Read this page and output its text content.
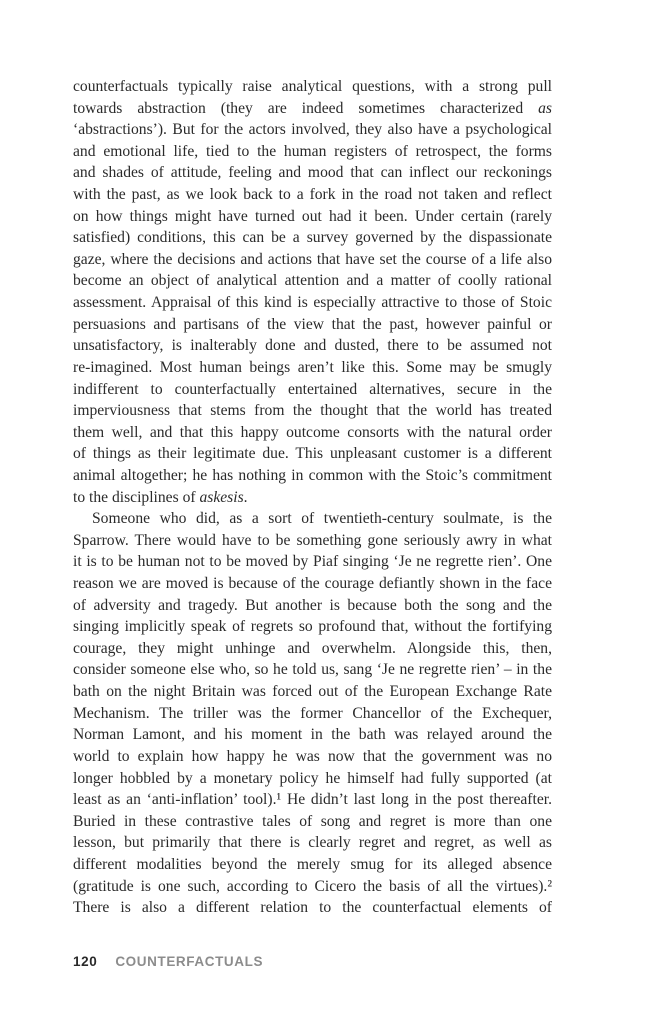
counterfactuals typically raise analytical questions, with a strong pull
towards abstraction (they are indeed sometimes characterized as
‘abstractions’). But for the actors involved, they also have a psychological
and emotional life, tied to the human registers of retrospect, the forms
and shades of attitude, feeling and mood that can inflect our reckonings
with the past, as we look back to a fork in the road not taken and reflect
on how things might have turned out had it been. Under certain (rarely
satisfied) conditions, this can be a survey governed by the dispassionate
gaze, where the decisions and actions that have set the course of a life also
become an object of analytical attention and a matter of coolly rational
assessment. Appraisal of this kind is especially attractive to those of Stoic
persuasions and partisans of the view that the past, however painful or
unsatisfactory, is inalterably done and dusted, there to be assumed not
re-imagined. Most human beings aren’t like this. Some may be smugly
indifferent to counterfactually entertained alternatives, secure in the
imperviousness that stems from the thought that the world has treated
them well, and that this happy outcome consorts with the natural order
of things as their legitimate due. This unpleasant customer is a different
animal altogether; he has nothing in common with the Stoic’s commitment
to the disciplines of askesis.
Someone who did, as a sort of twentieth-century soulmate, is the
Sparrow. There would have to be something gone seriously awry in what
it is to be human not to be moved by Piaf singing ‘Je ne regrette rien’. One
reason we are moved is because of the courage defiantly shown in the face
of adversity and tragedy. But another is because both the song and the
singing implicitly speak of regrets so profound that, without the fortifying
courage, they might unhinge and overwhelm. Alongside this, then,
consider someone else who, so he told us, sang ‘Je ne regrette rien’ – in the
bath on the night Britain was forced out of the European Exchange Rate
Mechanism. The triller was the former Chancellor of the Exchequer,
Norman Lamont, and his moment in the bath was relayed around the
world to explain how happy he was now that the government was no
longer hobbled by a monetary policy he himself had fully supported (at
least as an ‘anti-inflation’ tool).¹ He didn’t last long in the post thereafter.
Buried in these contrastive tales of song and regret is more than one
lesson, but primarily that there is clearly regret and regret, as well as
different modalities beyond the merely smug for its alleged absence
(gratitude is one such, according to Cicero the basis of all the virtues).²
There is also a different relation to the counterfactual elements of
120 COUNTERFACTUALS
